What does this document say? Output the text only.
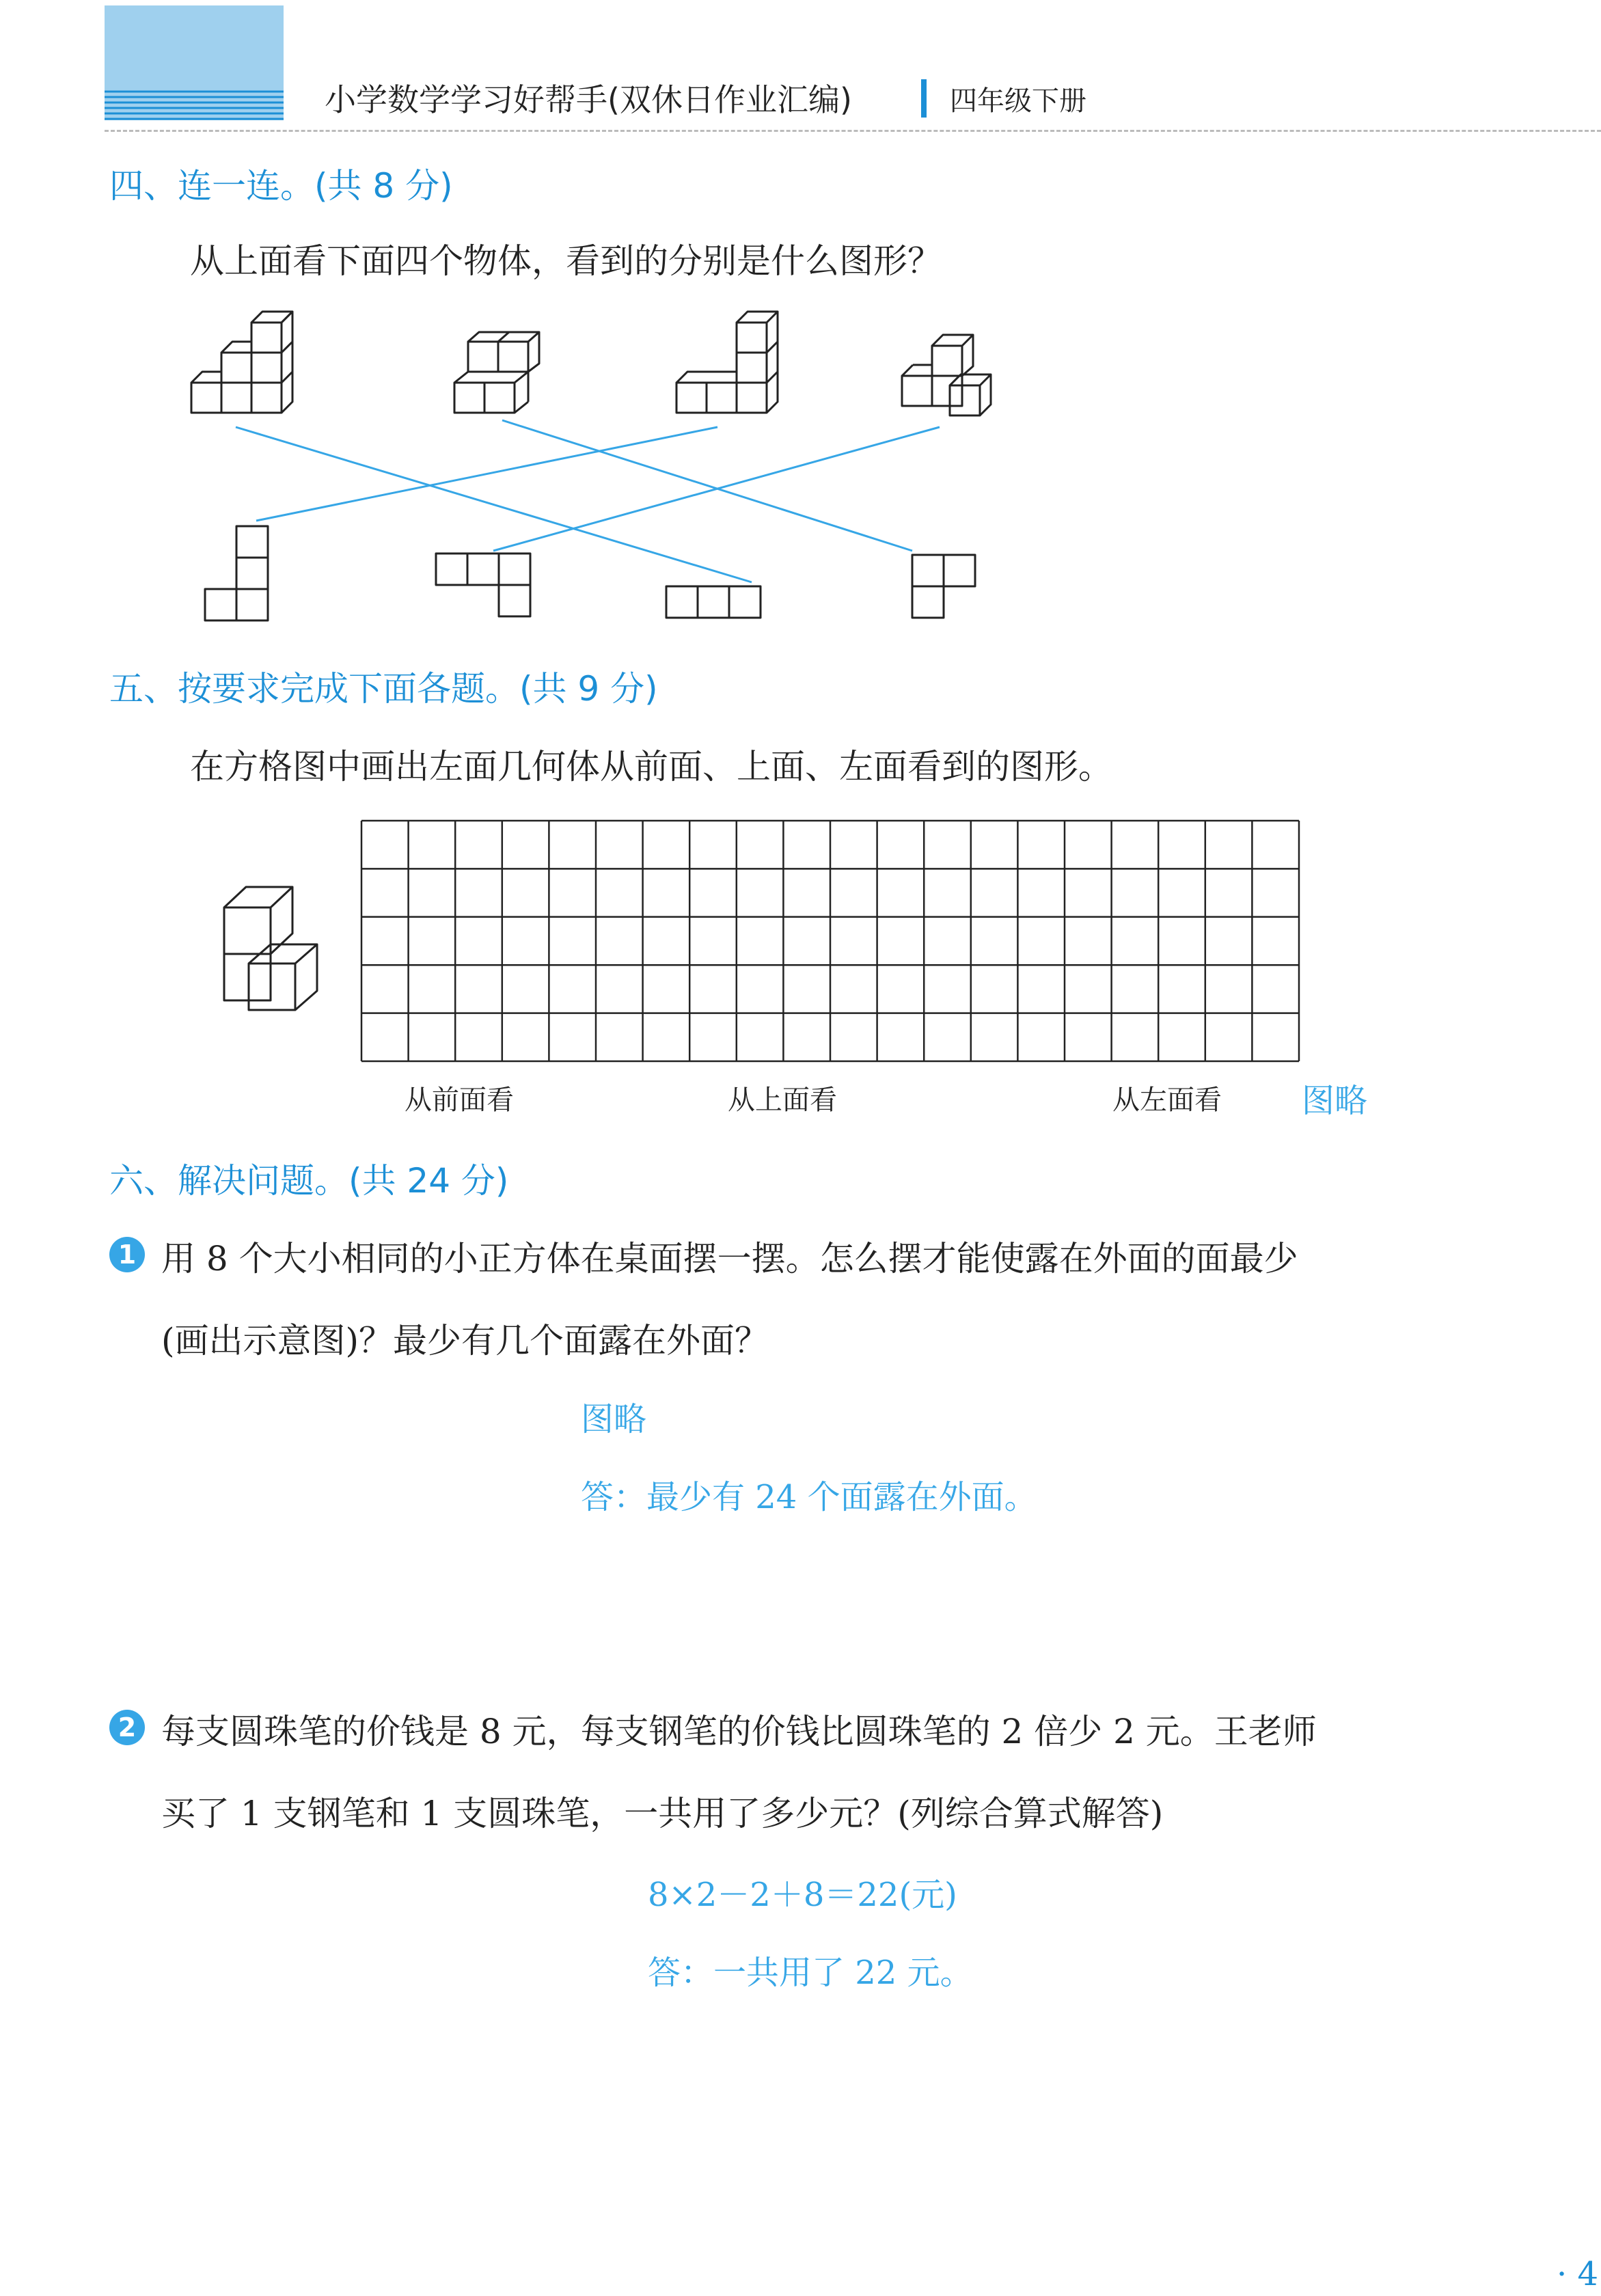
小学数学学习好帮手(双休日作业汇编)	四年级下册
四、连一连。(共 8 分)
从上面看下面四个物体，看到的分别是什么图形？
五、按要求完成下面各题。(共 9 分)
在方格图中画出左面几何体从前面、上面、左面看到的图形。
从前面看	从上面看	从左面看 图略
六、解决问题。(共 24 分)
1 用 8 个大小相同的小正方体在桌面摆一摆。怎么摆才能使露在外面的面最少
(画出示意图)？最少有几个面露在外面？
图略
答：最少有 24 个面露在外面。
2 每支圆珠笔的价钱是 8 元，每支钢笔的价钱比圆珠笔的 2 倍少 2 元。王老师
买了 1 支钢笔和 1 支圆珠笔，一共用了多少元？(列综合算式解答)
8×2－2＋8＝22(元)
答：一共用了 22 元。
· 4
